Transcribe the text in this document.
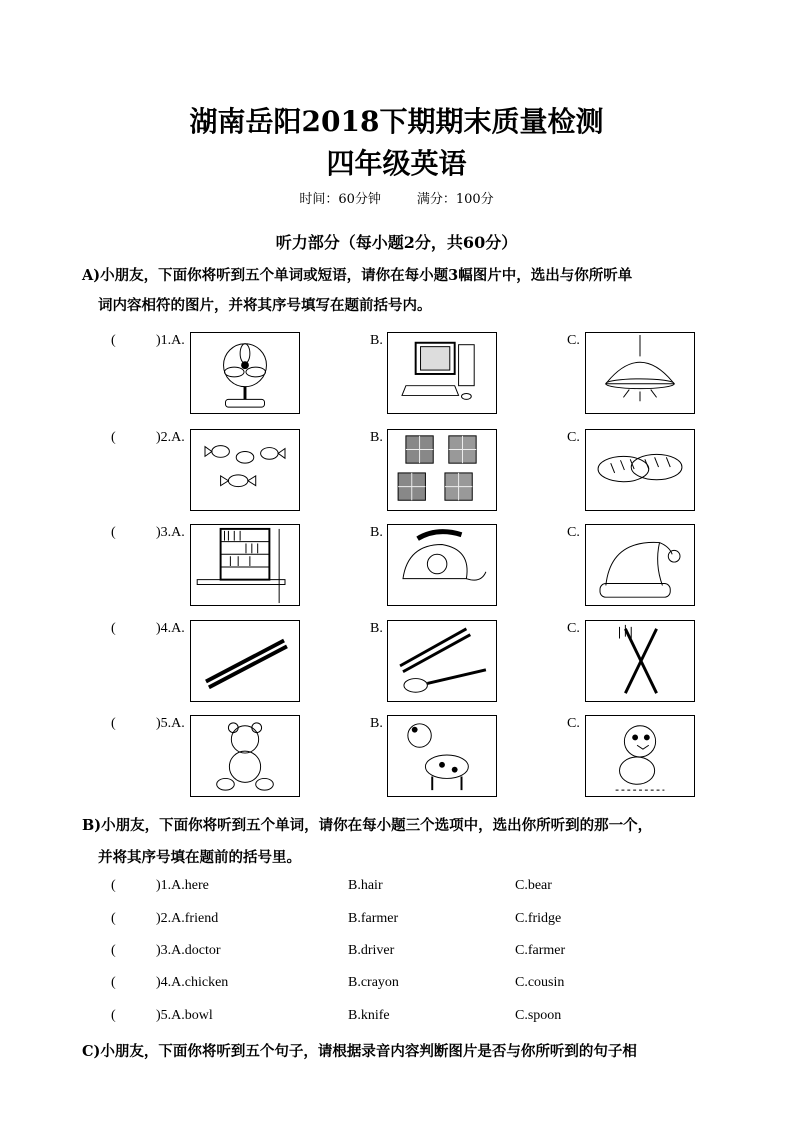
湖南岳阳2018下期期末质量检测
四年级英语
时间：60分钟	满分：100分
听力部分（每小题2分，共60分）
A)小朋友，下面你将听到五个单词或短语，请你在每小题3幅图片中，选出与你所听单
词内容相符的图片，并将其序号填写在题前括号内。
(	)1.A.	B.	C.
(	)2.A.	B.	C.
(	)3.A.	B.	C.
(	)4.A.	B.	C.
(	)5.A.	B.	C.
B)小朋友，下面你将听到五个单词，请你在每小题三个选项中，选出你所听到的那一个，
并将其序号填在题前的括号里。
(	)1.A.here	B.hair	C.bear
(	)2.A.friend	B.farmer	C.fridge
(	)3.A.doctor	B.driver	C.farmer
(	)4.A.chicken	B.crayon	C.cousin
(	)5.A.bowl	B.knife	C.spoon
C)小朋友，下面你将听到五个句子，请根据录音内容判断图片是否与你所听到的句子相
